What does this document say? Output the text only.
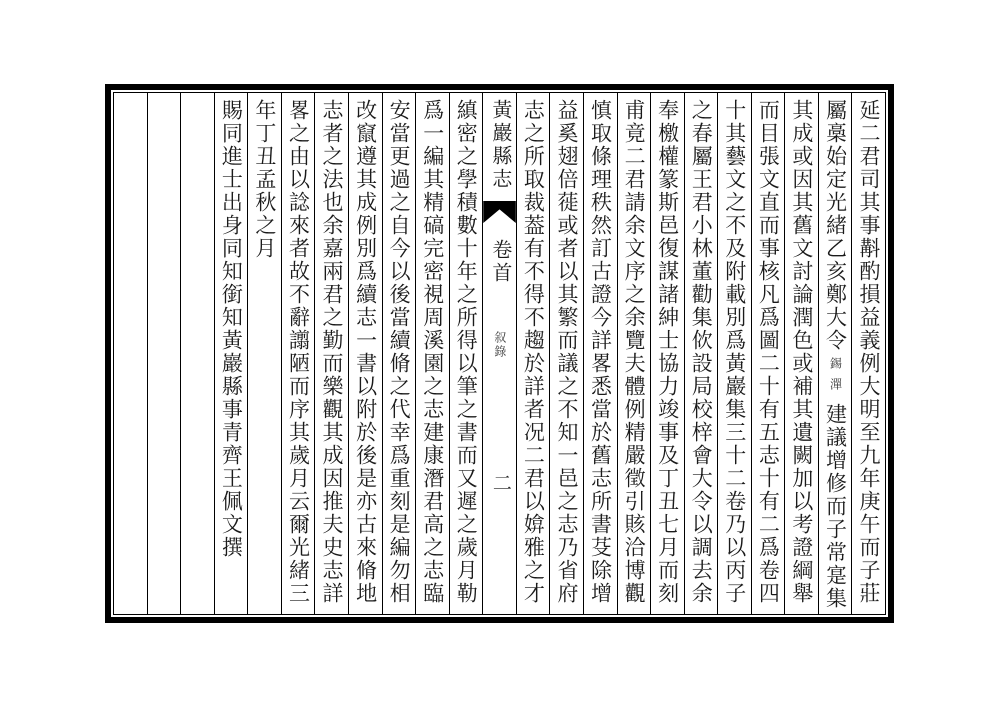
延二君司其事斠酌損益義例大明至九年庚午而子莊
屬槀始定光緒乙亥鄭大令錫潬建議增修而子常寔集
其成或因其舊文討論潤色或補其遺闕加以考證綱舉
而目張文直而事核凡爲圖二十有五志十有二爲卷四
十其藝文之不及附載別爲黃巖集三十二卷乃以丙子
之春屬王君小林董勸集佽設局校梓會大令以調去余
奉檄權篆斯邑復謀諸紳士協力竣事及丁丑七月而刻
甫竟二君請余文序之余覽夫體例精嚴徵引賅洽博觀
慎取條理秩然訂古證今詳畧悉當於舊志所書芟除增
益奚翅倍蓰或者以其繁而議之不知一邑之志乃省府
志之所取裁葢有不得不趨於詳者况二君以媕雅之才
黃巖縣志
卷首
叙錄
二
縝密之學積數十年之所得以筆之書而又遲之歲月勒
爲一編其精碻完密視周溪園之志建康潛君高之志臨
安當更過之自今以後當續脩之代幸爲重刻是編勿相
改竄遵其成例別爲續志一書以附於後是亦古來脩地
志者之法也余嘉兩君之勤而樂觀其成因推夫史志詳
畧之由以諗來者故不辭譾陋而序其歲月云爾光緒三
年丁丑孟秋之月
賜同進士出身同知銜知黃巖縣事青齊王佩文撰
